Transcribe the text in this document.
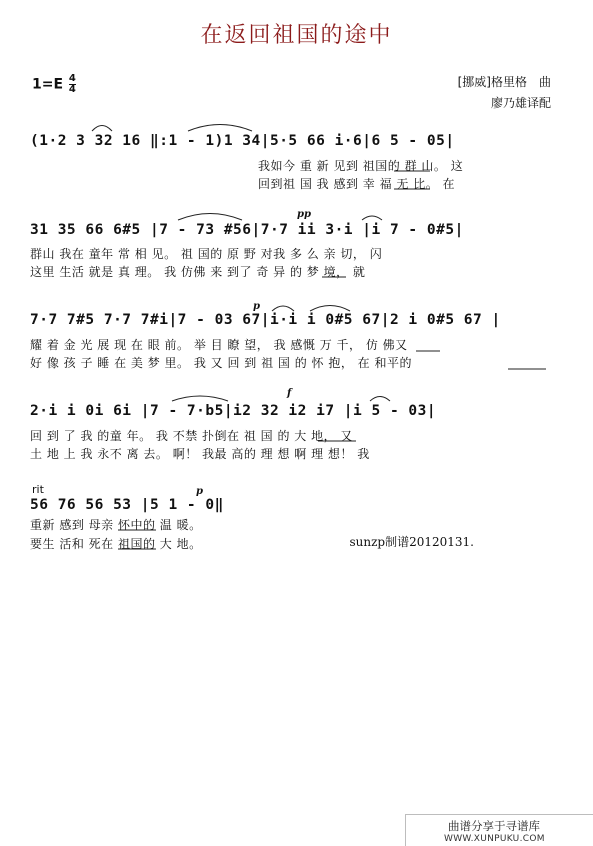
在返回祖国的途中
$1=E \frac{4}{4}$	[挪威]格里格　曲
廖乃雄译配
(1·2 3 32 16 ‖:1 - 1)1 34|5·5 66 i·6|6 5 - 05|
我如今 重 新 见到 祖国的 群 山。 这
回到祖 国 我 感到 幸 福 无 比。 在
pp
31 35 66 6#5 |7 - 73 #56|7·7 ii 3·i |i 7 - 0#5|
群山 我在 童年 常 相 见。 祖 国的 原 野 对我 多 么 亲 切， 闪
这里 生活 就是 真 理。 我 仿佛 来 到了 奇 异 的 梦 境， 就
p
7·7 7#5 7·7 7#i|7 - 03 67|i·i i 0#5 67|2 i 0#5 67 |
耀 着 金 光 展 现 在 眼 前。 举 目 瞭 望， 我 感慨 万 千， 仿 佛又
好 像 孩 子 睡 在 美 梦 里。 我 又 回 到 祖 国 的 怀 抱， 在 和平的
f
2·i i 0i 6i |7 - 7·b5|i2 32 i2 i7 |i 5 - 03|
回 到 了 我 的童 年。 我 不禁 扑倒在 祖 国 的 大 地， 又
土 地 上 我 永不 离 去。 啊！ 我最 高的 理 想 啊 理 想！ 我
rit	p
56 76 56 53 |5 1 - 0‖
重新 感到 母亲 怀中的 温 暖。
要生 活和 死在 祖国的 大 地。	sunzp制谱20120131.
曲谱分享于寻谱库
WWW.XUNPUKU.COM
